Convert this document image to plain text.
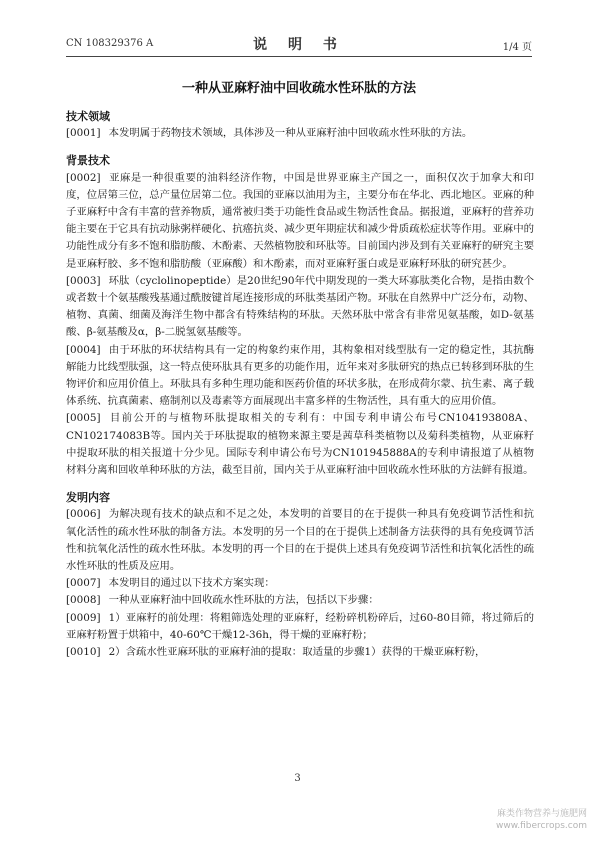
CN 108329376 A	说 明 书	1/4 页
一种从亚麻籽油中回收疏水性环肽的方法
技术领域

[0001] 本发明属于药物技术领域，具体涉及一种从亚麻籽油中回收疏水性环肽的方法。

背景技术

[0002] 亚麻是一种很重要的油料经济作物，中国是世界亚麻主产国之一，面积仅次于加拿大和印度，位居第三位，总产量位居第二位。我国的亚麻以油用为主，主要分布在华北、西北地区。亚麻的种子亚麻籽中含有丰富的营养物质，通常被归类于功能性食品或生物活性食品。据报道，亚麻籽的营养功能主要在于它具有抗动脉粥样硬化、抗癌抗炎、减少更年期症状和减少骨质疏松症状等作用。亚麻中的功能性成分有多不饱和脂肪酸、木酚素、天然植物胶和环肽等。目前国内涉及到有关亚麻籽的研究主要是亚麻籽胶、多不饱和脂肪酸（亚麻酸）和木酚素，而对亚麻籽蛋白或是亚麻籽环肽的研究甚少。

[0003] 环肽（cyclolinopeptide）是20世纪90年代中期发现的一类大环寡肽类化合物，是指由数个或者数十个氨基酸残基通过酰胺键首尾连接形成的环肽类基团产物。环肽在自然界中广泛分布，动物、植物、真菌、细菌及海洋生物中都含有特殊结构的环肽。天然环肽中常含有非常见氨基酸，如D-氨基酸、β-氨基酸及α，β-二脱氢氨基酸等。

[0004] 由于环肽的环状结构具有一定的构象约束作用，其构象相对线型肽有一定的稳定性，其抗酶解能力比线型肽强，这一特点使环肽具有更多的功能作用，近年来对多肽研究的热点已转移到环肽的生物评价和应用价值上。环肽具有多种生理功能和医药价值的环状多肽，在形成荷尔蒙、抗生素、离子载体系统、抗真菌素、癌制剂以及毒素等方面展现出丰富多样的生物活性，具有重大的应用价值。

[0005] 目前公开的与植物环肽提取相关的专利有：中国专利申请公布号CN104193808A、CN102174083B等。国内关于环肽提取的植物来源主要是茜草科类植物以及菊科类植物，从亚麻籽中提取环肽的相关报道十分少见。国际专利申请公布号为CN101945888A的专利申请报道了从植物材料分离和回收单种环肽的方法，截至目前，国内关于从亚麻籽油中回收疏水性环肽的方法鲜有报道。

发明内容

[0006] 为解决现有技术的缺点和不足之处，本发明的首要目的在于提供一种具有免疫调节活性和抗氧化活性的疏水性环肽的制备方法。本发明的另一个目的在于提供上述制备方法获得的具有免疫调节活性和抗氧化活性的疏水性环肽。本发明的再一个目的在于提供上述具有免疫调节活性和抗氧化活性的疏水性环肽的性质及应用。

[0007] 本发明目的通过以下技术方案实现：

[0008] 一种从亚麻籽油中回收疏水性环肽的方法，包括以下步骤：

[0009] 1）亚麻籽的前处理：将粗筛选处理的亚麻籽，经粉碎机粉碎后，过60-80目筛，将过筛后的亚麻籽粉置于烘箱中，40-60℃干燥12-36h，得干燥的亚麻籽粉；

[0010] 2）含疏水性亚麻环肽的亚麻籽油的提取：取适量的步骤1）获得的干燥亚麻籽粉，

3
麻类作物营养与施肥网
www.fibercrops.com
